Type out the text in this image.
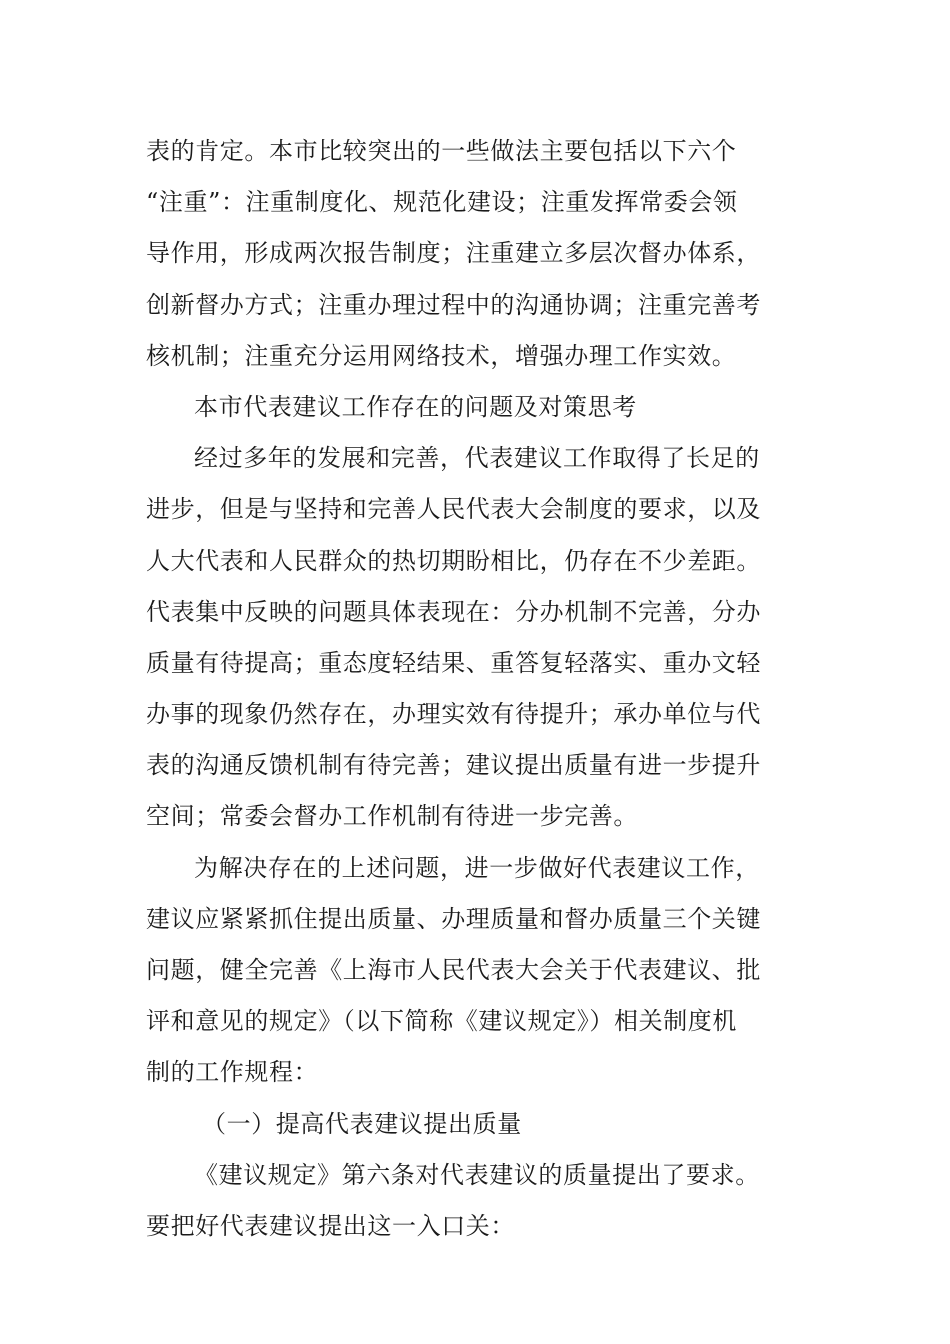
表的肯定。本市比较突出的一些做法主要包括以下六个
“注重”：注重制度化、规范化建设；注重发挥常委会领
导作用，形成两次报告制度；注重建立多层次督办体系，
创新督办方式；注重办理过程中的沟通协调；注重完善考
核机制；注重充分运用网络技术，增强办理工作实效。
本市代表建议工作存在的问题及对策思考
经过多年的发展和完善，代表建议工作取得了长足的
进步，但是与坚持和完善人民代表大会制度的要求，以及
人大代表和人民群众的热切期盼相比，仍存在不少差距。
代表集中反映的问题具体表现在：分办机制不完善，分办
质量有待提高；重态度轻结果、重答复轻落实、重办文轻
办事的现象仍然存在，办理实效有待提升；承办单位与代
表的沟通反馈机制有待完善；建议提出质量有进一步提升
空间；常委会督办工作机制有待进一步完善。
为解决存在的上述问题，进一步做好代表建议工作，
建议应紧紧抓住提出质量、办理质量和督办质量三个关键
问题，健全完善《上海市人民代表大会关于代表建议、批
评和意见的规定》（以下简称《建议规定》）相关制度机
制的工作规程：
（一）提高代表建议提出质量
《建议规定》第六条对代表建议的质量提出了要求。
要把好代表建议提出这一入口关：
